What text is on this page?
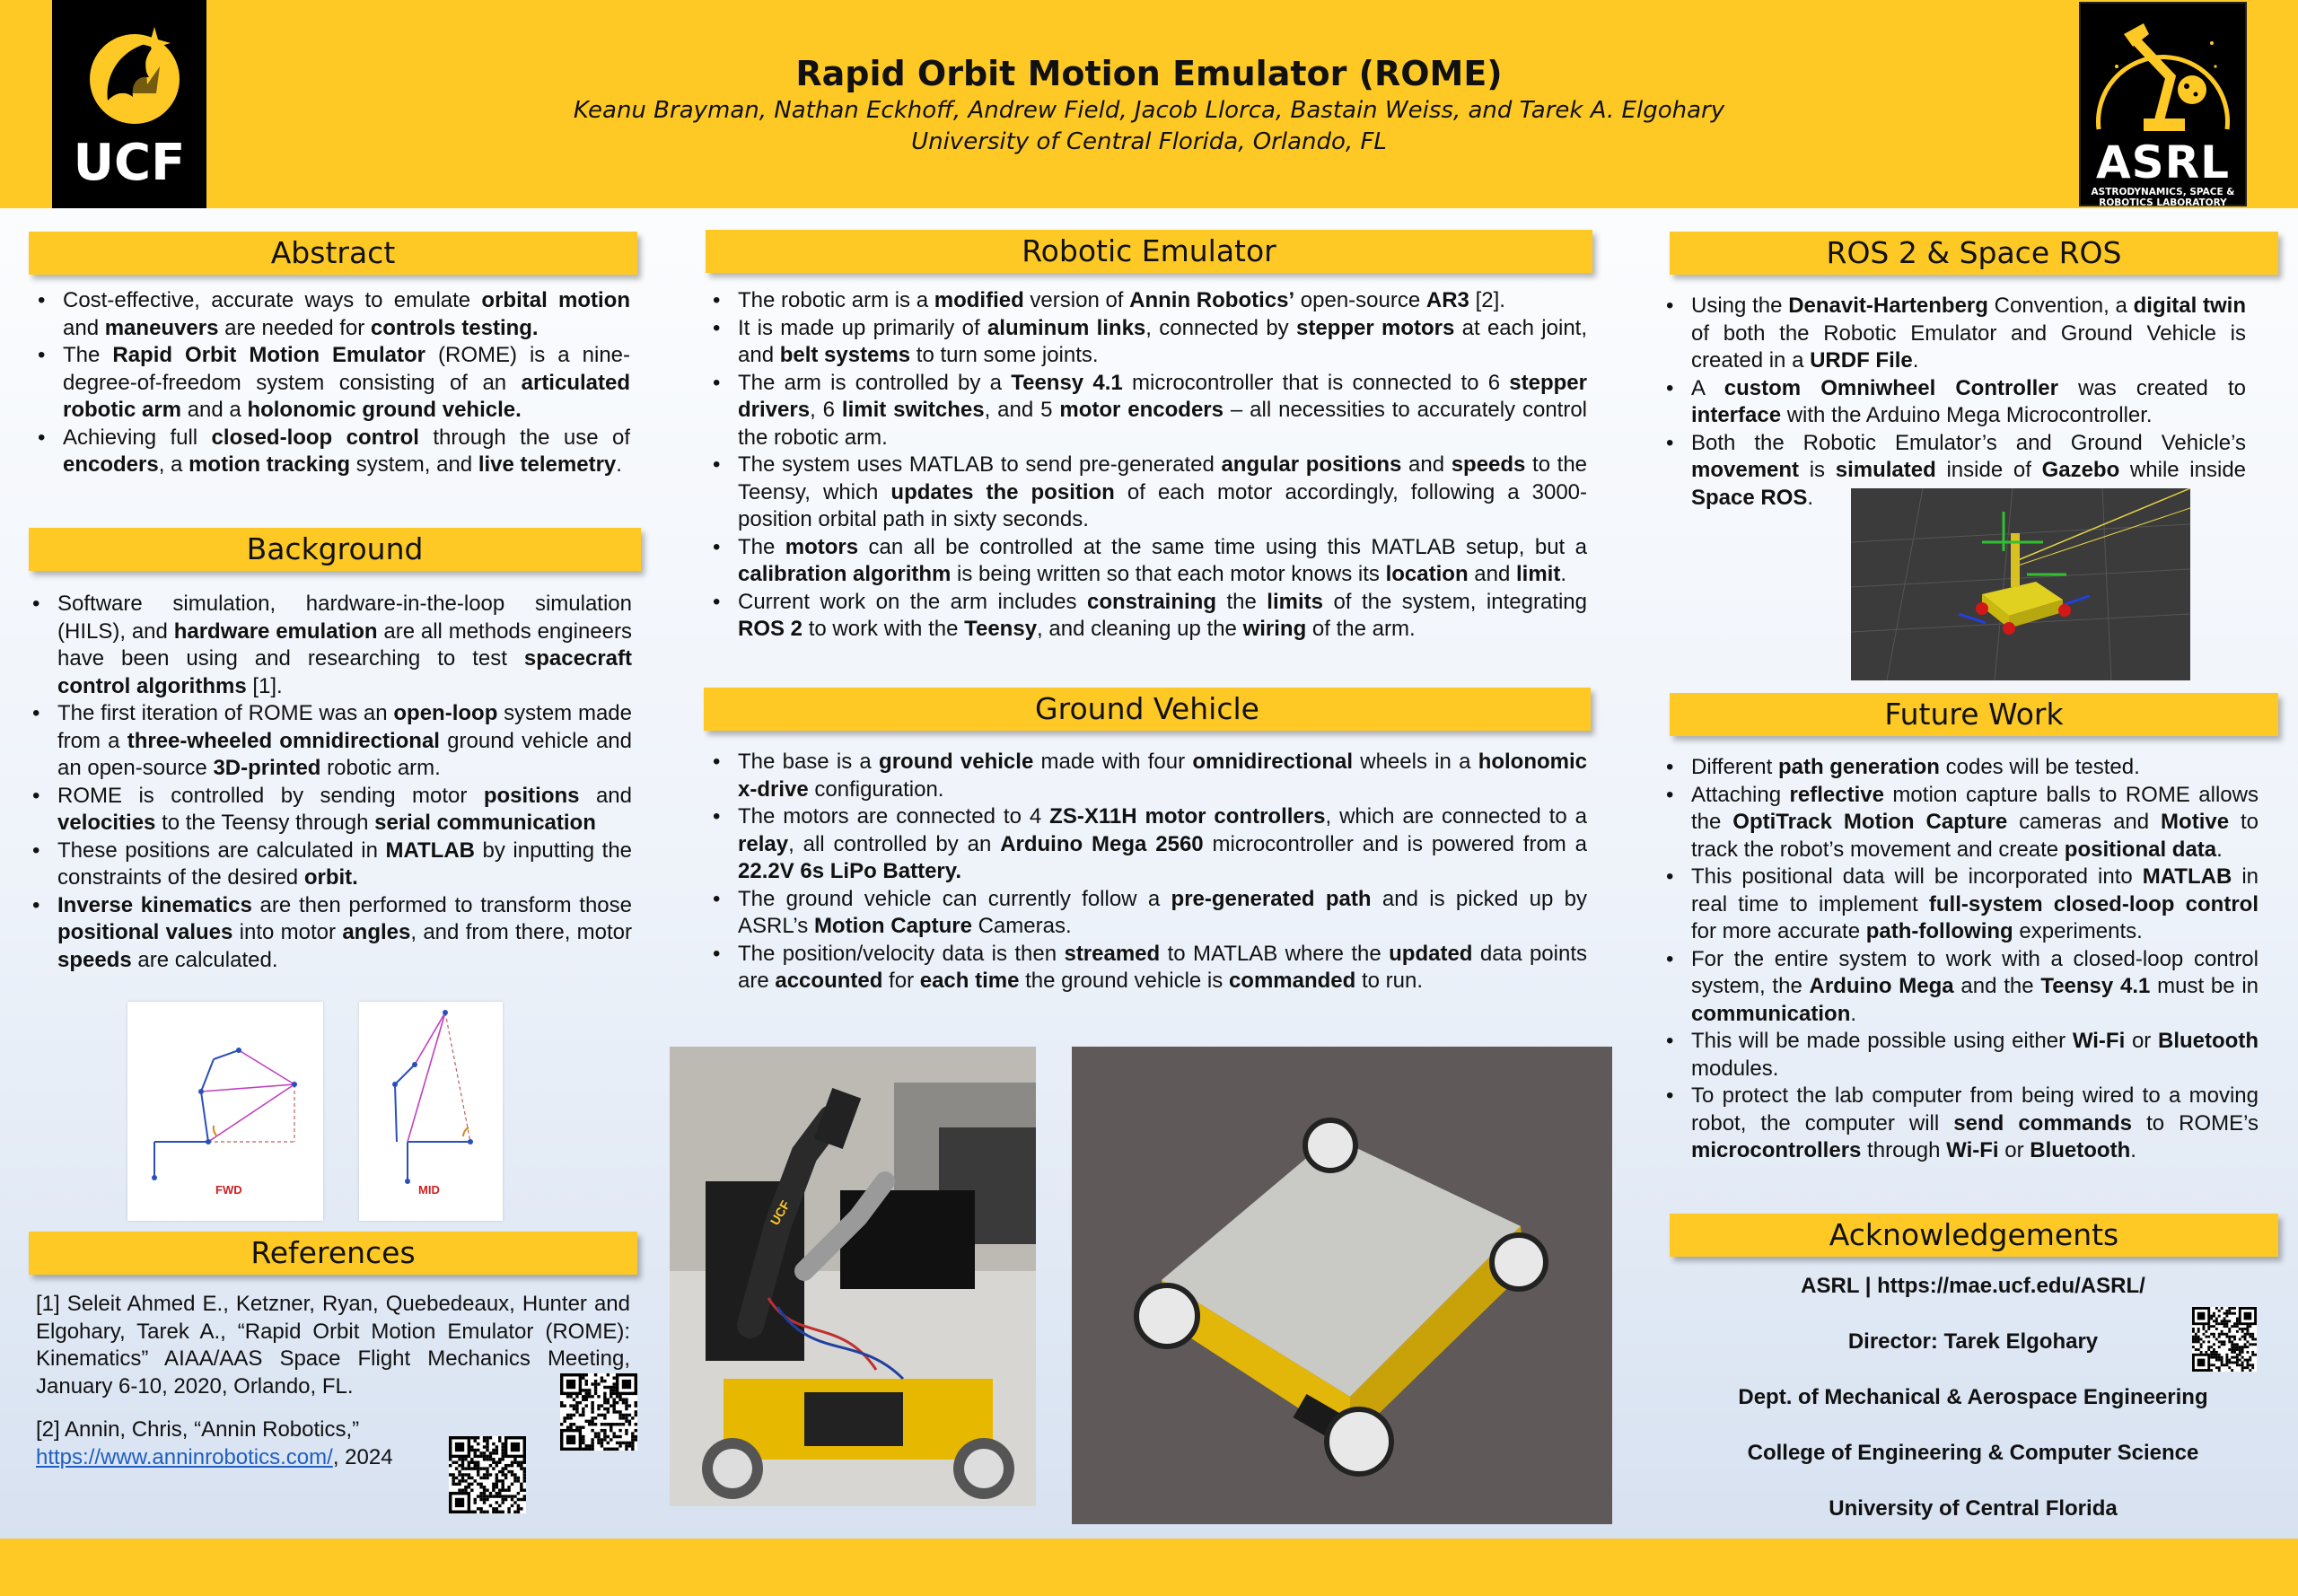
UCF	ASRL
ASTRODYNAMICS, SPACE & ROBOTICS LABORATORY
Rapid Orbit Motion Emulator (ROME)
Keanu Brayman, Nathan Eckhoff, Andrew Field, Jacob Llorca, Bastain Weiss, and Tarek A. Elgohary
University of Central Florida, Orlando, FL
Abstract
• Cost-effective, accurate ways to emulate orbital motion and maneuvers are needed for controls testing.
• The Rapid Orbit Motion Emulator (ROME) is a nine-degree-of-freedom system consisting of an articulated robotic arm and a holonomic ground vehicle.
• Achieving full closed-loop control through the use of encoders, a motion tracking system, and live telemetry.
Background
• Software simulation, hardware-in-the-loop simulation (HILS), and hardware emulation are all methods engineers have been using and researching to test spacecraft control algorithms [1].
• The first iteration of ROME was an open-loop system made from a three-wheeled omnidirectional ground vehicle and an open-source 3D-printed robotic arm.
• ROME is controlled by sending motor positions and velocities to the Teensy through serial communication
• These positions are calculated in MATLAB by inputting the constraints of the desired orbit.
• Inverse kinematics are then performed to transform those positional values into motor angles, and from there, motor speeds are calculated.
FWD	MID
References

[1] Seleit Ahmed E., Ketzner, Ryan, Quebedeaux, Hunter and Elgohary, Tarek A., “Rapid Orbit Motion Emulator (ROME): Kinematics” AIAA/AAS Space Flight Mechanics Meeting, January 6-10, 2020, Orlando, FL.

[2] Annin, Chris, “Annin Robotics,”
https://www.anninrobotics.com/, 2024

Robotic Emulator
• The robotic arm is a modified version of Annin Robotics’ open-source AR3 [2].
• It is made up primarily of aluminum links, connected by stepper motors at each joint, and belt systems to turn some joints.
• The arm is controlled by a Teensy 4.1 microcontroller that is connected to 6 stepper drivers, 6 limit switches, and 5 motor encoders – all necessities to accurately control the robotic arm.
• The system uses MATLAB to send pre-generated angular positions and speeds to the Teensy, which updates the position of each motor accordingly, following a 3000-position orbital path in sixty seconds.
• The motors can all be controlled at the same time using this MATLAB setup, but a calibration algorithm is being written so that each motor knows its location and limit.
• Current work on the arm includes constraining the limits of the system, integrating ROS 2 to work with the Teensy, and cleaning up the wiring of the arm.
Ground Vehicle
• The base is a ground vehicle made with four omnidirectional wheels in a holonomic x-drive configuration.
• The motors are connected to 4 ZS-X11H motor controllers, which are connected to a relay, all controlled by an Arduino Mega 2560 microcontroller and is powered from a 22.2V 6s LiPo Battery.
• The ground vehicle can currently follow a pre-generated path and is picked up by ASRL’s Motion Capture Cameras.
• The position/velocity data is then streamed to MATLAB where the updated data points are accounted for each time the ground vehicle is commanded to run.
UCF
ROS 2 & Space ROS
• Using the Denavit-Hartenberg Convention, a digital twin of both the Robotic Emulator and Ground Vehicle is created in a URDF File.
• A custom Omniwheel Controller was created to interface with the Arduino Mega Microcontroller.
• Both the Robotic Emulator’s and Ground Vehicle’s movement is simulated inside of Gazebo while inside Space ROS.
Future Work
• Different path generation codes will be tested.
• Attaching reflective motion capture balls to ROME allows the OptiTrack Motion Capture cameras and Motive to track the robot’s movement and create positional data.
• This positional data will be incorporated into MATLAB in real time to implement full-system closed-loop control for more accurate path-following experiments.
• For the entire system to work with a closed-loop control system, the Arduino Mega and the Teensy 4.1 must be in communication.
• This will be made possible using either Wi-Fi or Bluetooth modules.
• To protect the lab computer from being wired to a moving robot, the computer will send commands to ROME’s microcontrollers through Wi-Fi or Bluetooth.
Acknowledgements
ASRL | https://mae.ucf.edu/ASRL/
Director: Tarek Elgohary
Dept. of Mechanical & Aerospace Engineering
College of Engineering & Computer Science
University of Central Florida
